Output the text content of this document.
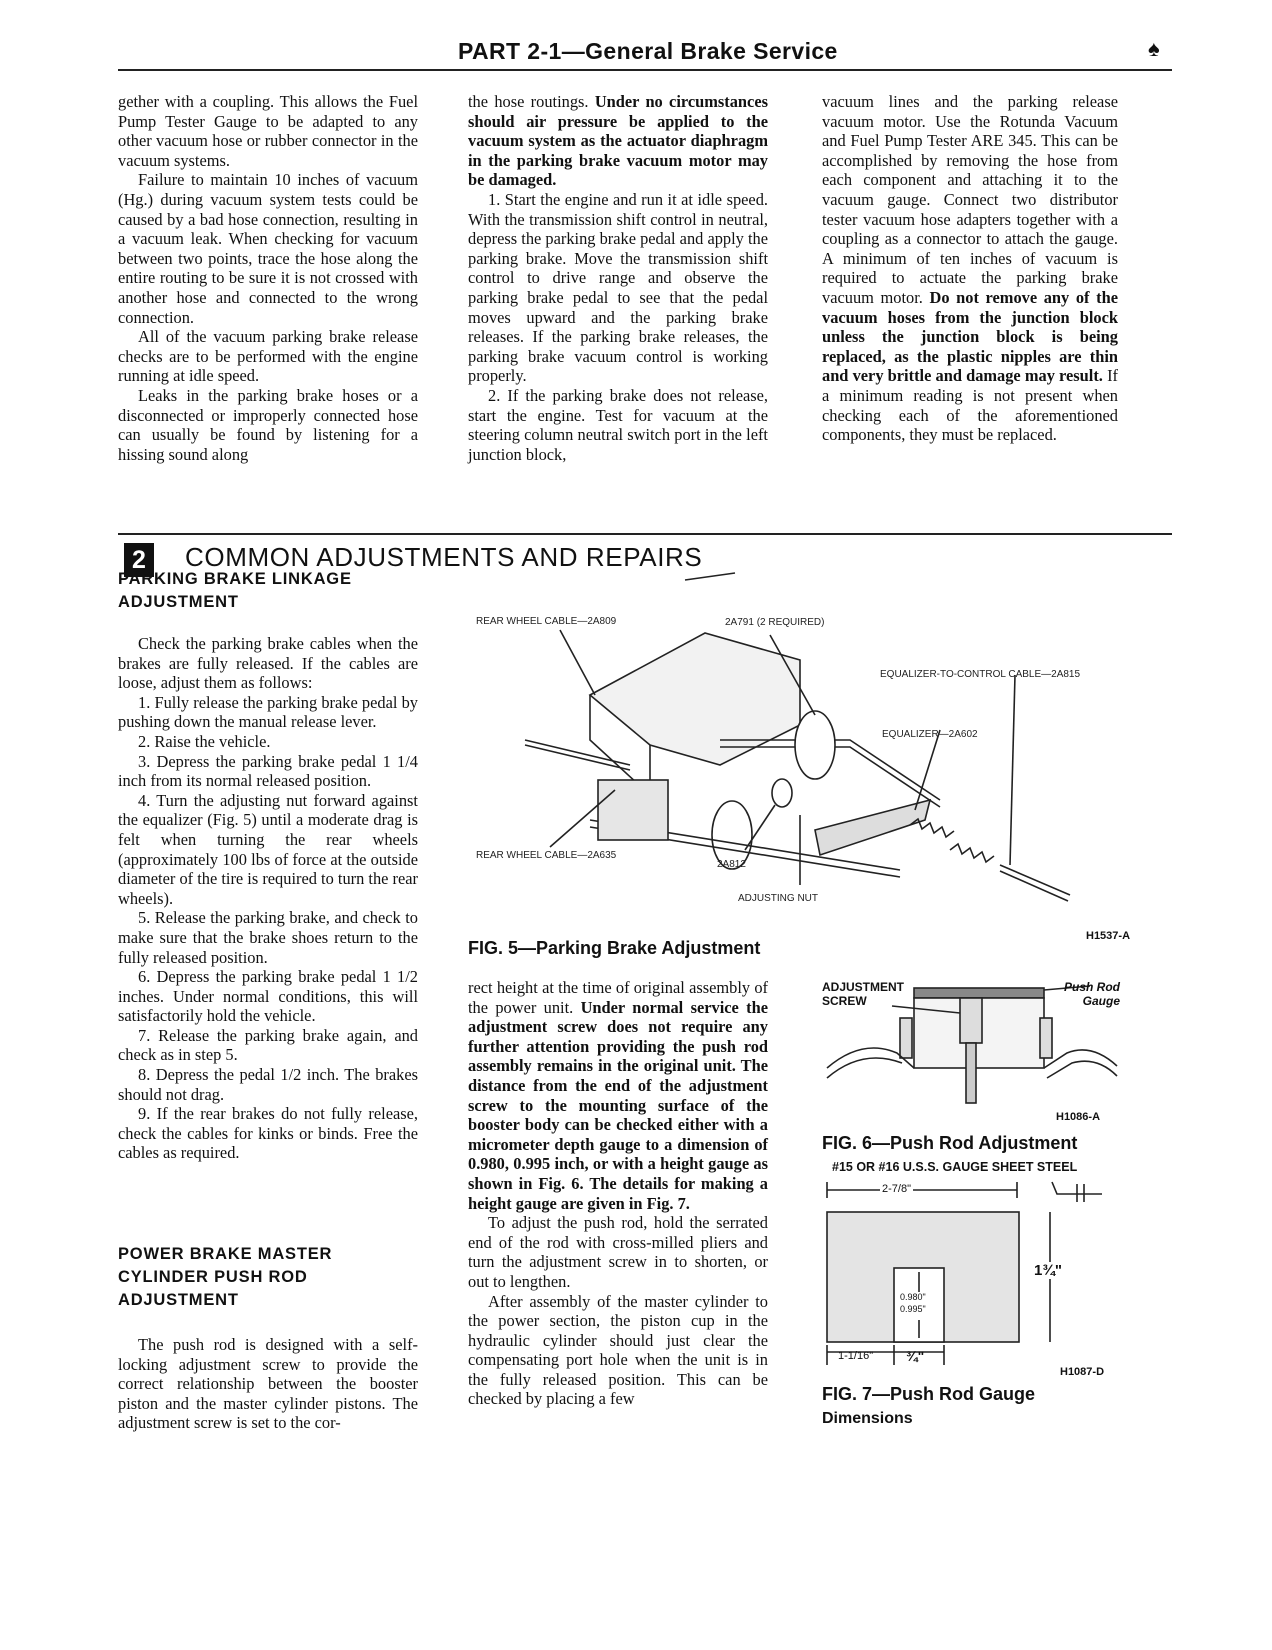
PART 2-1—General Brake Service	♠

gether with a coupling. This allows the Fuel Pump Tester Gauge to be adapted to any other vacuum hose or rubber connector in the vacuum systems.

Failure to maintain 10 inches of vacuum (Hg.) during vacuum system tests could be caused by a bad hose connection, resulting in a vacuum leak. When checking for vacuum between two points, trace the hose along the entire routing to be sure it is not crossed with another hose and connected to the wrong connection.

All of the vacuum parking brake release checks are to be performed with the engine running at idle speed.

Leaks in the parking brake hoses or a disconnected or improperly connected hose can usually be found by listening for a hissing sound along

the hose routings. Under no circumstances should air pressure be applied to the vacuum system as the actuator diaphragm in the parking brake vacuum motor may be damaged.

1. Start the engine and run it at idle speed. With the transmission shift control in neutral, depress the parking brake pedal and apply the parking brake. Move the transmission shift control to drive range and observe the parking brake pedal to see that the pedal moves upward and the parking brake releases. If the parking brake releases, the parking brake vacuum control is working properly.

2. If the parking brake does not release, start the engine. Test for vacuum at the steering column neutral switch port in the left junction block,

vacuum lines and the parking release vacuum motor. Use the Rotunda Vacuum and Fuel Pump Tester ARE 345. This can be accomplished by removing the hose from each component and attaching it to the vacuum gauge. Connect two distributor tester vacuum hose adapters together with a coupling as a connector to attach the gauge. A minimum of ten inches of vacuum is required to actuate the parking brake vacuum motor. Do not remove any of the vacuum hoses from the junction block unless the junction block is being replaced, as the plastic nipples are thin and very brittle and damage may result. If a minimum reading is not present when checking each of the aforementioned components, they must be replaced.

2	COMMON ADJUSTMENTS AND REPAIRS
PARKING BRAKE LINKAGE ADJUSTMENT

Check the parking brake cables when the brakes are fully released. If the cables are loose, adjust them as follows:

1. Fully release the parking brake pedal by pushing down the manual release lever.

2. Raise the vehicle.

3. Depress the parking brake pedal 1 1/4 inch from its normal released position.

4. Turn the adjusting nut forward against the equalizer (Fig. 5) until a moderate drag is felt when turning the rear wheels (approximately 100 lbs of force at the outside diameter of the tire is required to turn the rear wheels).

5. Release the parking brake, and check to make sure that the brake shoes return to the fully released position.

6. Depress the parking brake pedal 1 1/2 inches. Under normal conditions, this will satisfactorily hold the vehicle.

7. Release the parking brake again, and check as in step 5.

8. Depress the pedal 1/2 inch. The brakes should not drag.

9. If the rear brakes do not fully release, check the cables for kinks or binds. Free the cables as required.

POWER BRAKE MASTER CYLINDER PUSH ROD ADJUSTMENT

The push rod is designed with a self-locking adjustment screw to provide the correct relationship between the booster piston and the master cylinder pistons. The adjustment screw is set to the cor-

REAR WHEEL CABLE—2A809	2A791 (2 REQUIRED)
EQUALIZER-TO-CONTROL CABLE—2A815
EQUALIZER—2A602
REAR WHEEL CABLE—2A635
2A812
ADJUSTING NUT
H1537-A
FIG. 5—Parking Brake Adjustment

rect height at the time of original assembly of the power unit. Under normal service the adjustment screw does not require any further attention providing the push rod assembly remains in the original unit. The distance from the end of the adjustment screw to the mounting surface of the booster body can be checked either with a micrometer depth gauge to a dimension of 0.980, 0.995 inch, or with a height gauge as shown in Fig. 6. The details for making a height gauge are given in Fig. 7.

To adjust the push rod, hold the serrated end of the rod with cross-milled pliers and turn the adjustment screw in to shorten, or out to lengthen.

After assembly of the master cylinder to the power section, the piston cup in the hydraulic cylinder should just clear the compensating port hole when the unit is in the fully released position. This can be checked by placing a few

ADJUSTMENT SCREW
Push Rod Gauge
H1086-A
FIG. 6—Push Rod Adjustment
#15 OR #16 U.S.S. GAUGE SHEET STEEL
2-7/8"
0.980"
0.995"
1¾"
1-1/16" ¾"
H1087-D
FIG. 7—Push Rod Gauge
Dimensions
